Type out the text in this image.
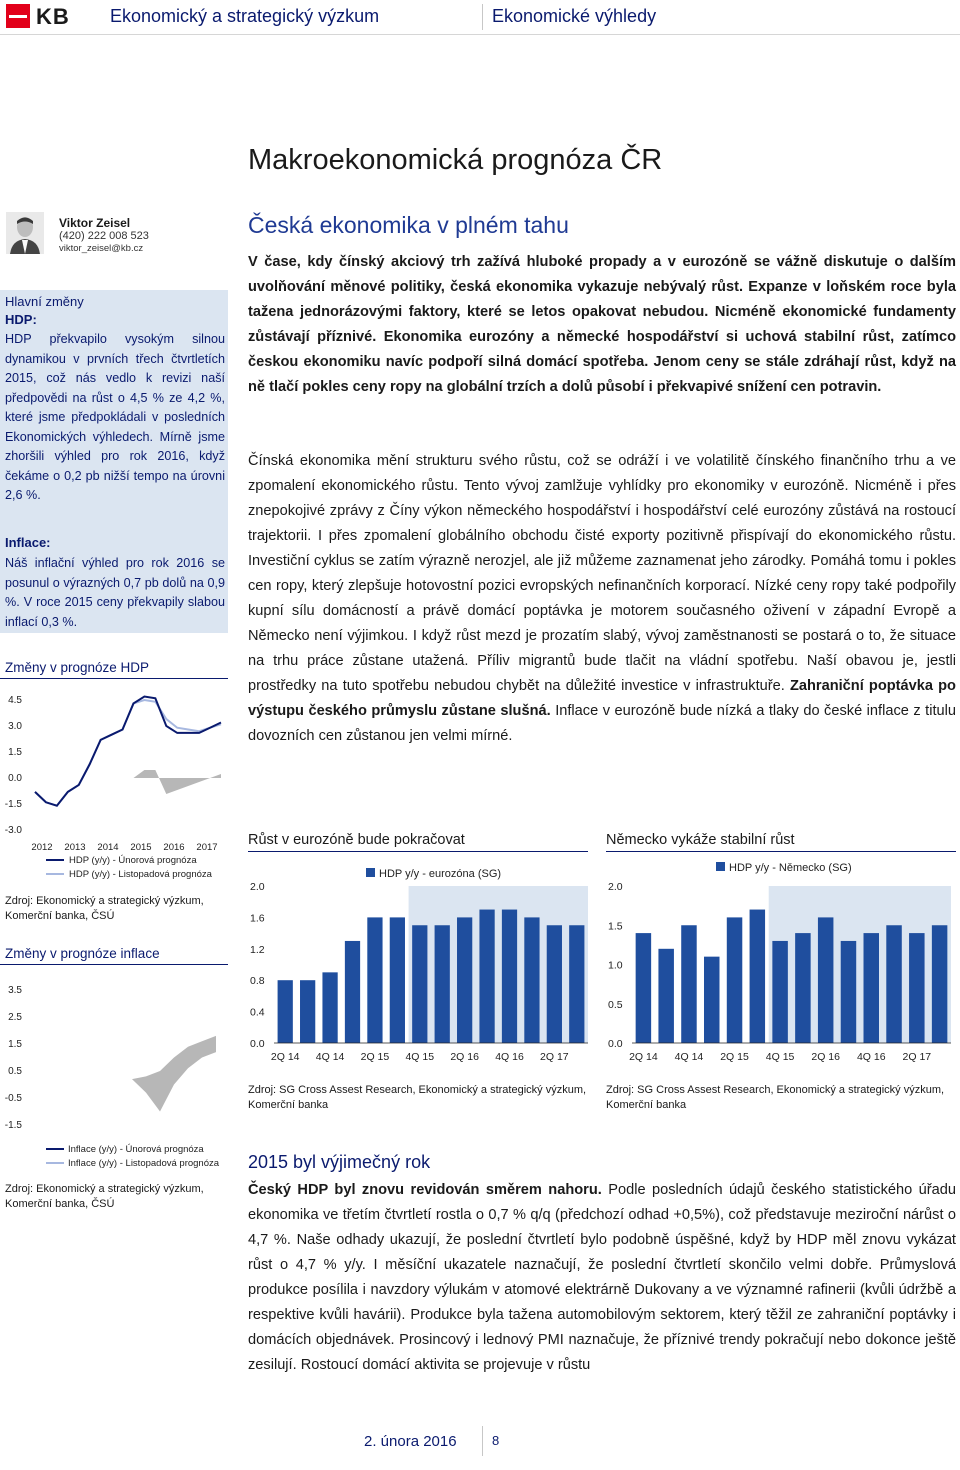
KB Ekonomický a strategický výzkum	Ekonomické výhledy
Makroekonomická prognóza ČR
Viktor Zeisel
(420) 222 008 523
viktor_zeisel@kb.cz
Hlavní změny
HDP:
HDP překvapilo vysokým silnou dynamikou v prvních třech čtvrtletích 2015, což nás vedlo k revizi naší předpovědi na růst o 4,5 % ze 4,2 %, které jsme předpokládali v posledních Ekonomických výhledech. Mírně jsme zhoršili výhled pro rok 2016, když čekáme o 0,2 pb nižší tempo na úrovni 2,6 %.
Inflace:
Náš inflační výhled pro rok 2016 se posunul o výrazných 0,7 pb dolů na 0,9 %. V roce 2015 ceny překvapily slabou inflací 0,3 %.
Změny v prognóze HDP
4.5
3.0
1.5
0.0
-1.5
-3.0
2012 2013 2014 2015 2016 2017
HDP (y/y) - Únorová prognóza
HDP (y/y) - Listopadová prognóza
Zdroj: Ekonomický a strategický výzkum, Komerční banka, ČSÚ
Změny v prognóze inflace
3.5
2.5
1.5
0.5
-0.5
-1.5
Inflace (y/y) - Únorová prognóza
Inflace (y/y) - Listopadová prognóza
Zdroj: Ekonomický a strategický výzkum, Komerční banka, ČSÚ
Česká ekonomika v plném tahu
V čase, kdy čínský akciový trh zažívá hluboké propady a v eurozóně se vážně diskutuje o dalším uvolňování měnové politiky, česká ekonomika vykazuje nebývalý růst. Expanze v loňském roce byla tažena jednorázovými faktory, které se letos opakovat nebudou. Nicméně ekonomické fundamenty zůstávají příznivé. Ekonomika eurozóny a německé hospodářství si uchová stabilní růst, zatímco českou ekonomiku navíc podpoří silná domácí spotřeba. Jenom ceny se stále zdráhají růst, když na ně tlačí pokles ceny ropy na globální trzích a dolů působí i překvapivé snížení cen potravin.
Čínská ekonomika mění strukturu svého růstu, což se odráží i ve volatilitě čínského finančního trhu a ve zpomalení ekonomického růstu. Tento vývoj zamlžuje vyhlídky pro ekonomiky v eurozóně. Nicméně i přes znepokojivé zprávy z Číny výkon německého hospodářství i hospodářství celé eurozóny zůstává na rostoucí trajektorii. I přes zpomalení globálního obchodu čisté exporty pozitivně přispívají do ekonomického růstu. Investiční cyklus se zatím výrazně nerozjel, ale již můžeme zaznamenat jeho zárodky. Pomáhá tomu i pokles cen ropy, který zlepšuje hotovostní pozici evropských nefinančních korporací. Nízké ceny ropy také podpořily kupní sílu domácností a právě domácí poptávka je motorem současného oživení v západní Evropě a Německo není výjimkou. I když růst mezd je prozatím slabý, vývoj zaměstnanosti se postará o to, že situace na trhu práce zůstane utažená. Příliv migrantů bude tlačit na vládní spotřebu. Naší obavou je, jestli prostředky na tuto spotřebu nebudou chybět na důležité investice v infrastruktuře. Zahraniční poptávka po výstupu českého průmyslu zůstane slušná. Inflace v eurozóně bude nízká a tlaky do české inflace z titulu dovozních cen zůstanou jen velmi mírné.
Růst v eurozóně bude pokračovat
2.0
1.6
1.2
0.8
0.4
0.0
2Q 14 4Q 14 2Q 15 4Q 15 2Q 16 4Q 16 2Q 17
HDP y/y - eurozóna (SG)
Zdroj: SG Cross Assest Research, Ekonomický a strategický výzkum, Komerční banka
Německo vykáže stabilní růst
2.0
1.5
1.0
0.5
0.0
2Q 14 4Q 14 2Q 15 4Q 15 2Q 16 4Q 16 2Q 17
HDP y/y - Německo (SG)
Zdroj: SG Cross Assest Research, Ekonomický a strategický výzkum, Komerční banka
2015 byl výjimečný rok
Český HDP byl znovu revidován směrem nahoru. Podle posledních údajů českého statistického úřadu ekonomika ve třetím čtvrtletí rostla o 0,7 % q/q (předchozí odhad +0,5%), což představuje meziroční nárůst o 4,7 %. Naše odhady ukazují, že poslední čtvrtletí bylo podobně úspěšné, když by HDP měl znovu vykázat růst o 4,7 % y/y. I měsíční ukazatele naznačují, že poslední čtvrtletí skončilo velmi dobře. Průmyslová produkce posílila i navzdory výlukám v atomové elektrárně Dukovany a ve významné rafinerii (kvůli údržbě a respektive kvůli havárii). Produkce byla tažena automobilovým sektorem, který těžil ze zahraniční poptávky i domácích objednávek. Prosincový i lednový PMI naznačuje, že příznivé trendy pokračují nebo dokonce ještě zesilují. Rostoucí domácí aktivita se projevuje v růstu
2. února 2016	8
